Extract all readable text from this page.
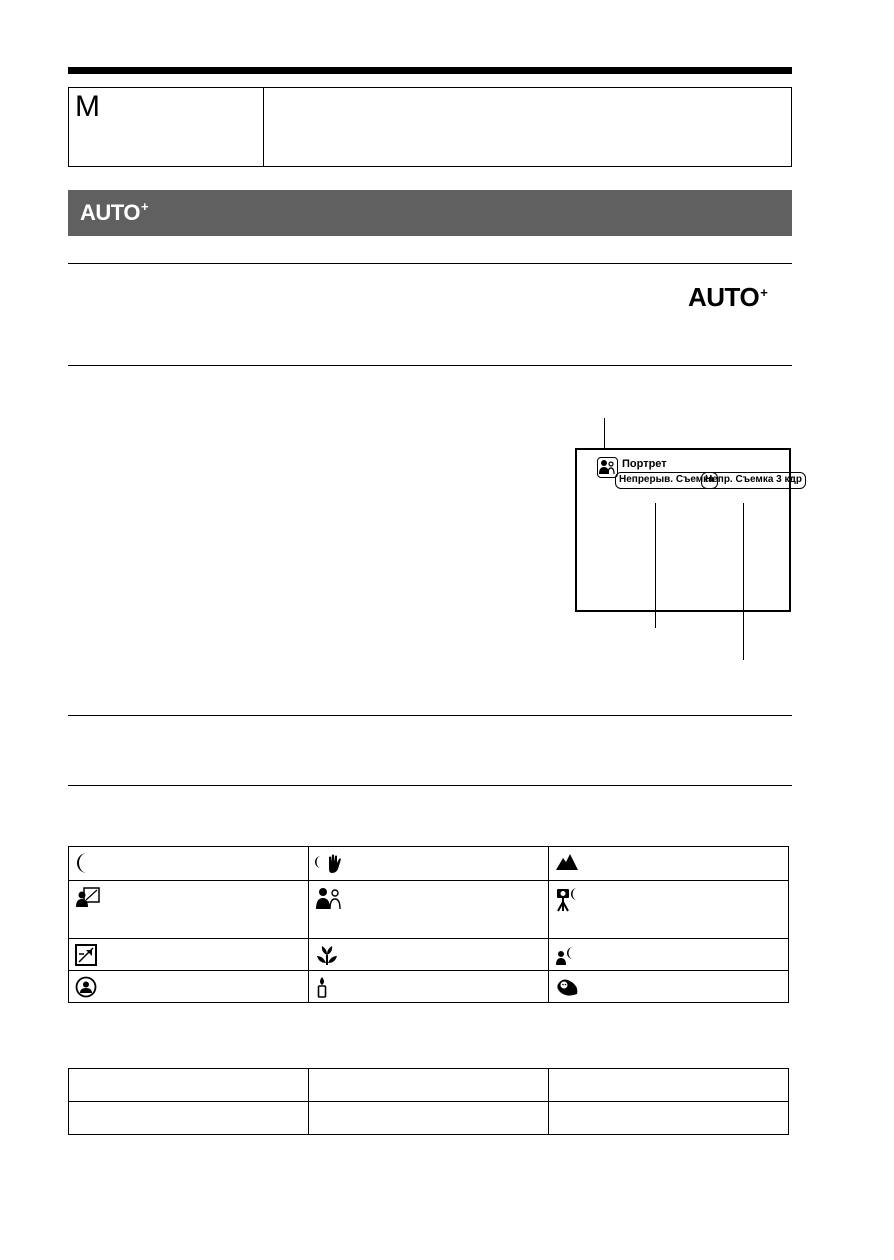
M
AUTO+
AUTO+
Портрет
Непрерыв. Съемка
Непр. Съемка 3 кдр
